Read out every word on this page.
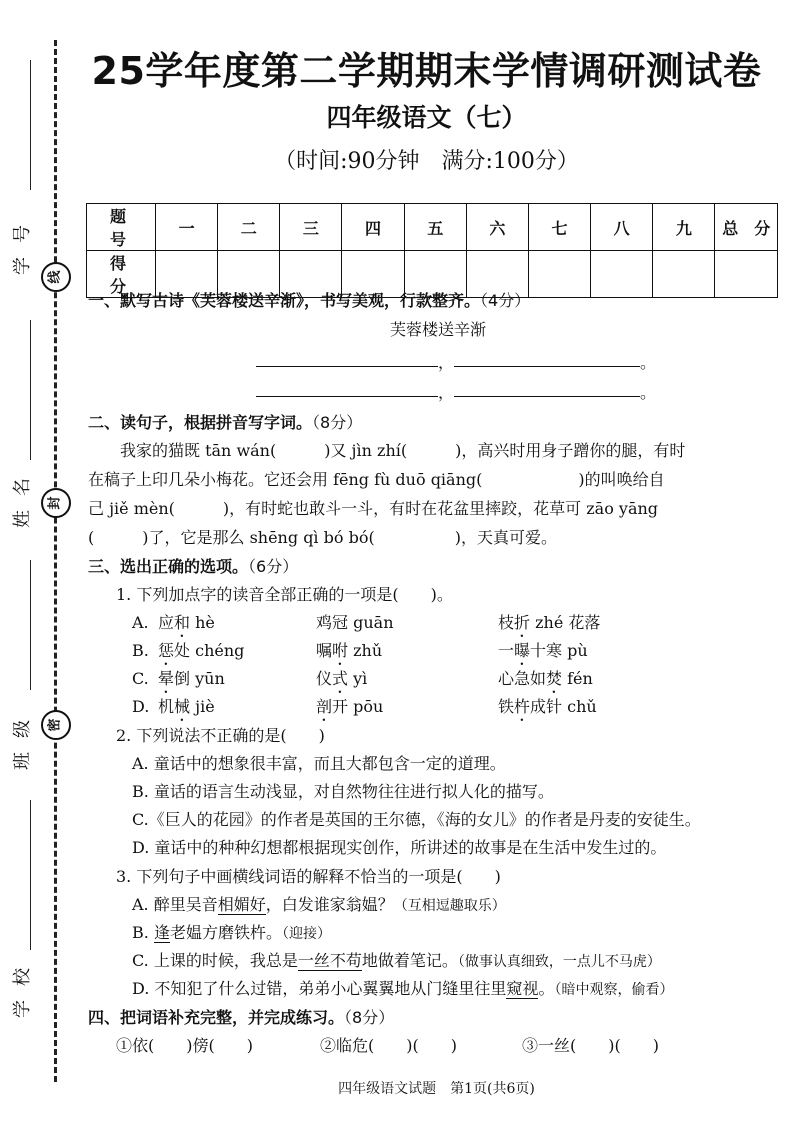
号
学
线
名
姓
封
级
班
密
校
学
25学年度第二学期期末学情调研测试卷
四年级语文（七）
（时间:90分钟　满分:100分）
题　号	一	二	三	四	五	六	七	八	九	总　分
得　分										

一、默写古诗《芙蓉楼送辛渐》，书写美观，行款整齐。（4分）

芙蓉楼送辛渐
，	。
，	。

二、读句子，根据拼音写字词。（8分）

我家的猫既 tān wán(　　　)又 jìn zhí(　　　)，高兴时用身子蹭你的腿，有时

在稿子上印几朵小梅花。它还会用 fēng fù duō qiāng(　　　　　　)的叫唤给自

己 jiě mèn(　　　)，有时蛇也敢斗一斗，有时在花盆里摔跤，花草可 zāo yāng

(　　　)了，它是那么 shēng qì bó bó(　　　　　)，天真可爱。

三、选出正确的选项。（6分）

1. 下列加点字的读音全部正确的一项是(　　)。

A. 应和 hè	鸡冠 guān	枝折 zhé 花落
B. 惩处 chéng	嘱咐 zhǔ	一曝十寒 pù
C. 晕倒 yūn	仪式 yì	心急如焚 fén
D. 机械 jiè	剖开 pōu	铁杵成针 chǔ

2. 下列说法不正确的是(　　)

A. 童话中的想象很丰富，而且大都包含一定的道理。

B. 童话的语言生动浅显，对自然物往往进行拟人化的描写。

C.《巨人的花园》的作者是英国的王尔德，《海的女儿》的作者是丹麦的安徒生。

D. 童话中的种种幻想都根据现实创作，所讲述的故事是在生活中发生过的。

3. 下列句子中画横线词语的解释不恰当的一项是(　　)

A. 醉里吴音相媚好，白发谁家翁媪？（互相逗趣取乐）

B. 逢老媪方磨铁杵。（迎接）

C. 上课的时候，我总是一丝不苟地做着笔记。（做事认真细致，一点儿不马虎）

D. 不知犯了什么过错，弟弟小心翼翼地从门缝里往里窥视。（暗中观察，偷看）

四、把词语补充完整，并完成练习。（8分）

①依(　　)傍(　　)	②临危(　　)(　　)	③一丝(　　)(　　)
四年级语文试题　第1页(共6页)
